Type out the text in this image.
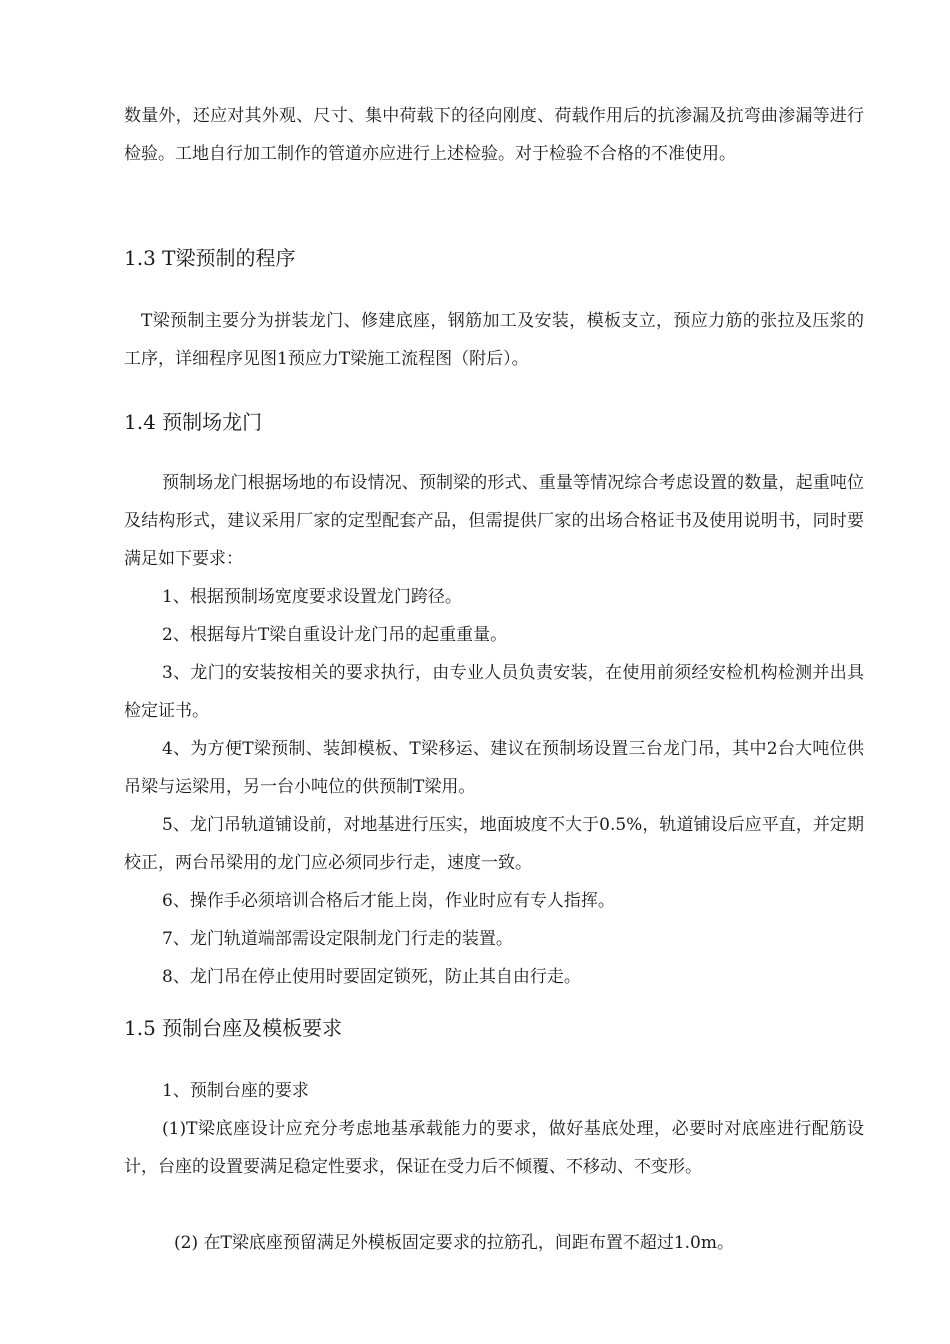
数量外，还应对其外观、尺寸、集中荷载下的径向刚度、荷载作用后的抗渗漏及抗弯曲渗漏等进行检验。工地自行加工制作的管道亦应进行上述检验。对于检验不合格的不准使用。

1.3 T梁预制的程序

T梁预制主要分为拼装龙门、修建底座，钢筋加工及安装，模板支立，预应力筋的张拉及压浆的工序，详细程序见图1预应力T梁施工流程图（附后）。

1.4 预制场龙门

预制场龙门根据场地的布设情况、预制梁的形式、重量等情况综合考虑设置的数量，起重吨位及结构形式，建议采用厂家的定型配套产品，但需提供厂家的出场合格证书及使用说明书，同时要满足如下要求：

1、根据预制场宽度要求设置龙门跨径。
2、根据每片T梁自重设计龙门吊的起重重量。

3、龙门的安装按相关的要求执行，由专业人员负责安装，在使用前须经安检机构检测并出具检定证书。

4、为方便T梁预制、装卸模板、T梁移运、建议在预制场设置三台龙门吊，其中2台大吨位供吊梁与运梁用，另一台小吨位的供预制T梁用。

5、龙门吊轨道铺设前，对地基进行压实，地面坡度不大于0.5%，轨道铺设后应平直，并定期校正，两台吊梁用的龙门应必须同步行走，速度一致。

6、操作手必须培训合格后才能上岗，作业时应有专人指挥。
7、龙门轨道端部需设定限制龙门行走的装置。
8、龙门吊在停止使用时要固定锁死，防止其自由行走。
1.5 预制台座及模板要求
1、预制台座的要求

(1)T梁底座设计应充分考虑地基承载能力的要求，做好基底处理，必要时对底座进行配筋设计，台座的设置要满足稳定性要求，保证在受力后不倾覆、不移动、不变形。

(2) 在T梁底座预留满足外模板固定要求的拉筋孔，间距布置不超过1.0m。
